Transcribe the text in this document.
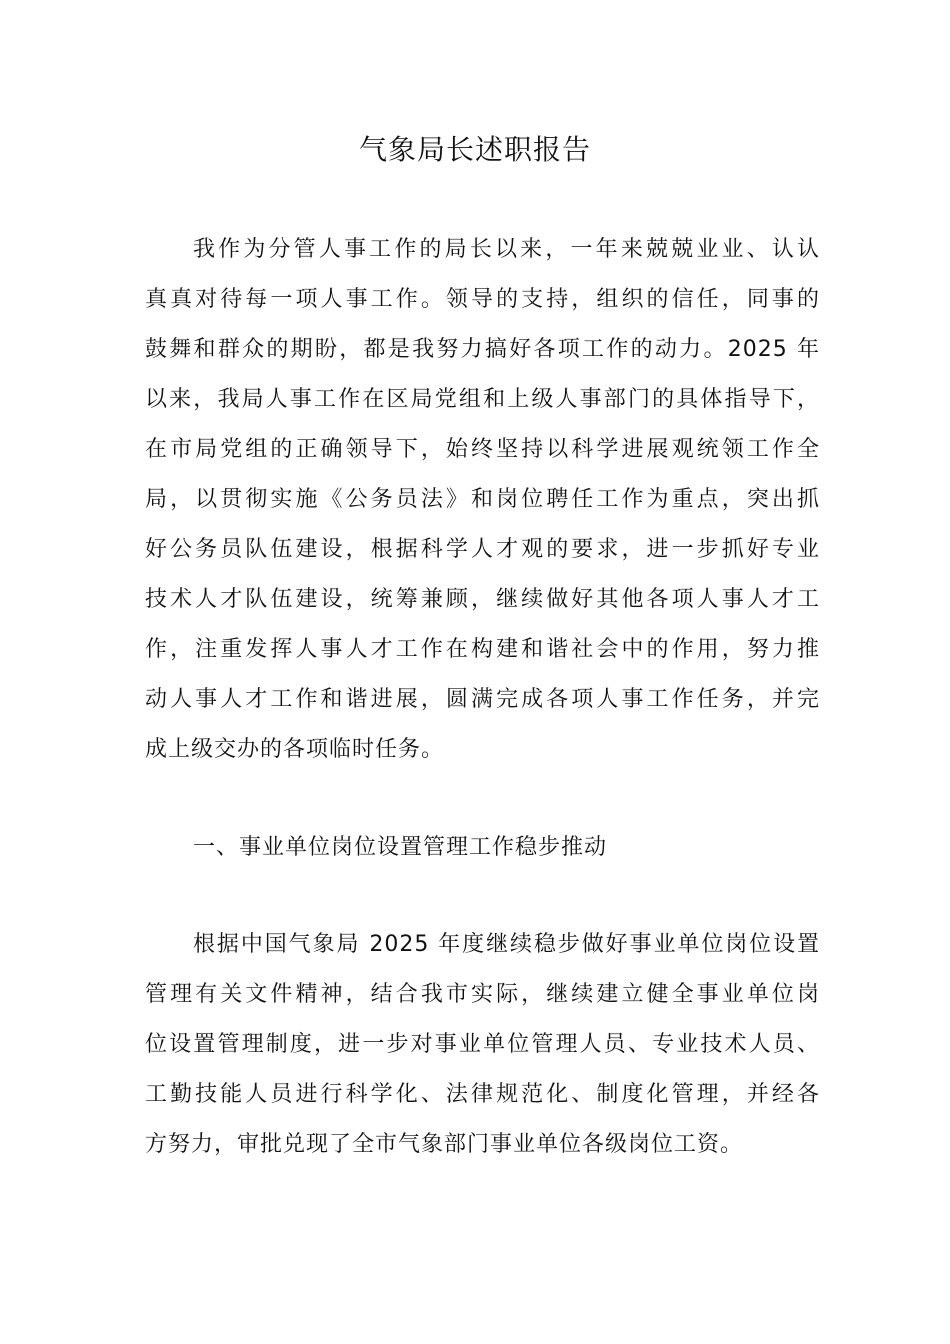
气象局长述职报告
我作为分管人事工作的局长以来，一年来兢兢业业、认认
真真对待每一项人事工作。领导的支持，组织的信任，同事的
鼓舞和群众的期盼，都是我努力搞好各项工作的动力。2025 年
以来，我局人事工作在区局党组和上级人事部门的具体指导下，
在市局党组的正确领导下，始终坚持以科学进展观统领工作全
局，以贯彻实施《公务员法》和岗位聘任工作为重点，突出抓
好公务员队伍建设，根据科学人才观的要求，进一步抓好专业
技术人才队伍建设，统筹兼顾，继续做好其他各项人事人才工
作，注重发挥人事人才工作在构建和谐社会中的作用，努力推
动人事人才工作和谐进展，圆满完成各项人事工作任务，并完
成上级交办的各项临时任务。
一、事业单位岗位设置管理工作稳步推动
根据中国气象局 2025 年度继续稳步做好事业单位岗位设置
管理有关文件精神，结合我市实际，继续建立健全事业单位岗
位设置管理制度，进一步对事业单位管理人员、专业技术人员、
工勤技能人员进行科学化、法律规范化、制度化管理，并经各
方努力，审批兑现了全市气象部门事业单位各级岗位工资。
